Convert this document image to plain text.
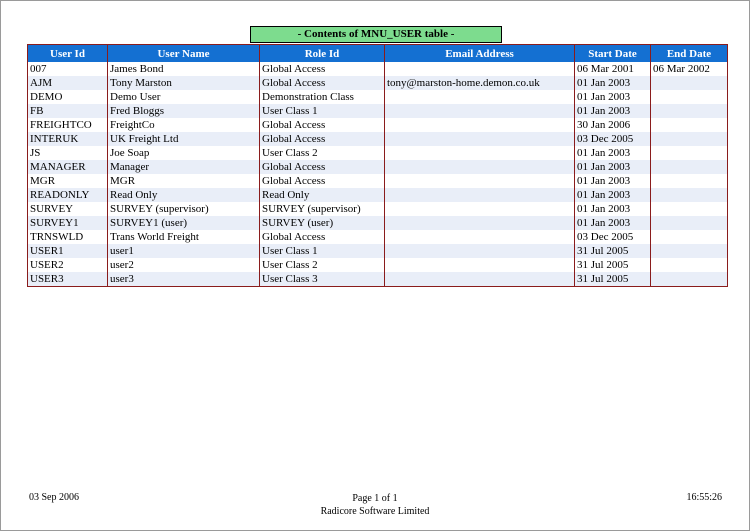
- Contents of MNU_USER table -
User Id	User Name	Role Id	Email Address	Start Date	End Date
007	James Bond	Global Access		06 Mar 2001	06 Mar 2002
AJM	Tony Marston	Global Access	tony@marston-home.demon.co.uk	01 Jan 2003	
DEMO	Demo User	Demonstration Class		01 Jan 2003	
FB	Fred Bloggs	User Class 1		01 Jan 2003	
FREIGHTCO	FreightCo	Global Access		30 Jan 2006	
INTERUK	UK Freight Ltd	Global Access		03 Dec 2005	
JS	Joe Soap	User Class 2		01 Jan 2003	
MANAGER	Manager	Global Access		01 Jan 2003	
MGR	MGR	Global Access		01 Jan 2003	
READONLY	Read Only	Read Only		01 Jan 2003	
SURVEY	SURVEY (supervisor)	SURVEY (supervisor)		01 Jan 2003	
SURVEY1	SURVEY1 (user)	SURVEY (user)		01 Jan 2003	
TRNSWLD	Trans World Freight	Global Access		03 Dec 2005	
USER1	user1	User Class 1		31 Jul 2005	
USER2	user2	User Class 2		31 Jul 2005	
USER3	user3	User Class 3		31 Jul 2005	
03 Sep 2006	Page 1 of 1
Radicore Software Limited
16:55:26
